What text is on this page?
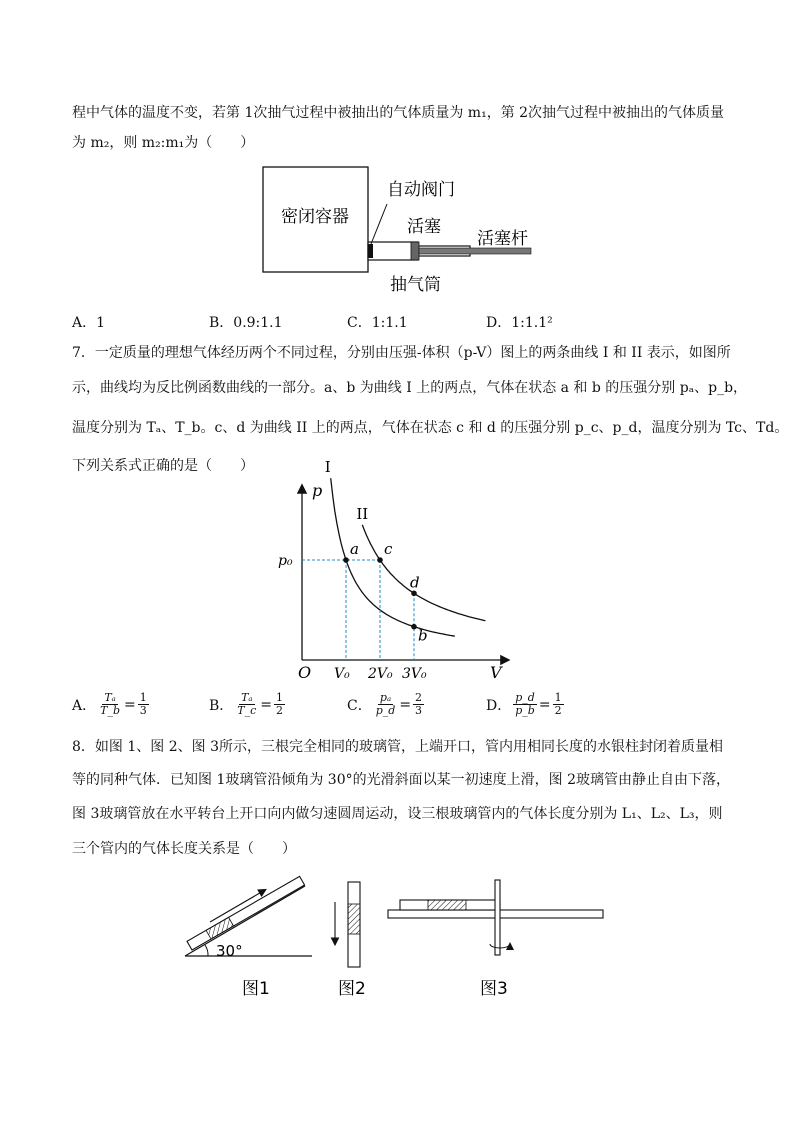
程中气体的温度不变，若第 1次抽气过程中被抽出的气体质量为 m₁，第 2次抽气过程中被抽出的气体质量
为 m₂，则 m₂:m₁为（　　）
密闭容器
自动阀门
活塞
活塞杆
抽气筒
A．1	B．0.9:1.1	C．1:1.1	D．1:1.1²
7．一定质量的理想气体经历两个不同过程，分别由压强-体积（p-V）图上的两条曲线 I 和 II 表示，如图所
示，曲线均为反比例函数曲线的一部分。a、b 为曲线 I 上的两点，气体在状态 a 和 b 的压强分别 pₐ、p_b，
温度分别为 Tₐ、T_b。c、d 为曲线 II 上的两点，气体在状态 c 和 d 的压强分别 p_c、p_d，温度分别为 Tc、Td。
下列关系式正确的是（　　）
p
V
O
I
II
V₀ 2V₀ 3V₀
p₀
a c
d
b
A． $\frac{\text{Tₐ}}{T\_b} = \frac{1}{3}$	B． $\frac{\text{Tₐ}}{T\_c} = \frac{1}{2}$	C． $\frac{\text{pₐ}}{p\_d} = \frac{2}{3}$	D． $\frac{p\_d}{p\_b} = \frac{1}{2}$
8．如图 1、图 2、图 3所示，三根完全相同的玻璃管，上端开口，管内用相同长度的水银柱封闭着质量相
等的同种气体．已知图 1玻璃管沿倾角为 30°的光滑斜面以某一初速度上滑，图 2玻璃管由静止自由下落，
图 3玻璃管放在水平转台上开口向内做匀速圆周运动，设三根玻璃管内的气体长度分别为 L₁、L₂、L₃，则
三个管内的气体长度关系是（　　）
30°
图1	图2	图3
